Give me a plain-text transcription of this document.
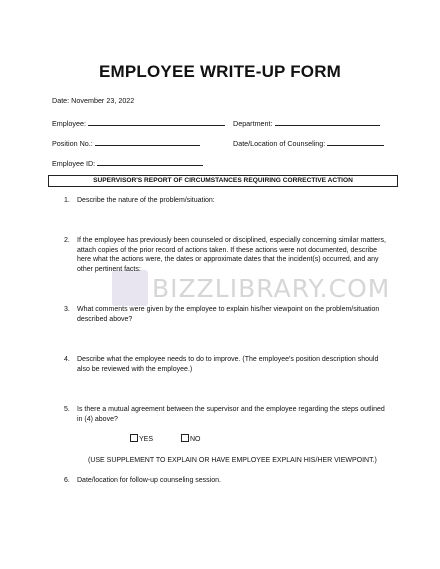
EMPLOYEE WRITE-UP FORM
Date: November 23, 2022
Employee:	Department:
Position No.:	Date/Location of Counseling:
Employee ID:
SUPERVISOR'S REPORT OF CIRCUMSTANCES REQUIRING CORRECTIVE ACTION
BIZZLIBRARY.COM
1. Describe the nature of the problem/situation:
2. If the employee has previously been counseled or disciplined, especially concerning similar matters, attach copies of the prior record of actions taken. If these actions were not documented, describe here what the actions were, the dates or approximate dates that the incident(s) occurred, and any other pertinent facts:
3. What comments were given by the employee to explain his/her viewpoint on the problem/situation described above?
4. Describe what the employee needs to do to improve. (The employee's position description should also be reviewed with the employee.)
5. Is there a mutual agreement between the supervisor and the employee regarding the steps outlined in (4) above?
YES	NO
(USE SUPPLEMENT TO EXPLAIN OR HAVE EMPLOYEE EXPLAIN HIS/HER VIEWPOINT.)
6. Date/location for follow-up counseling session.
